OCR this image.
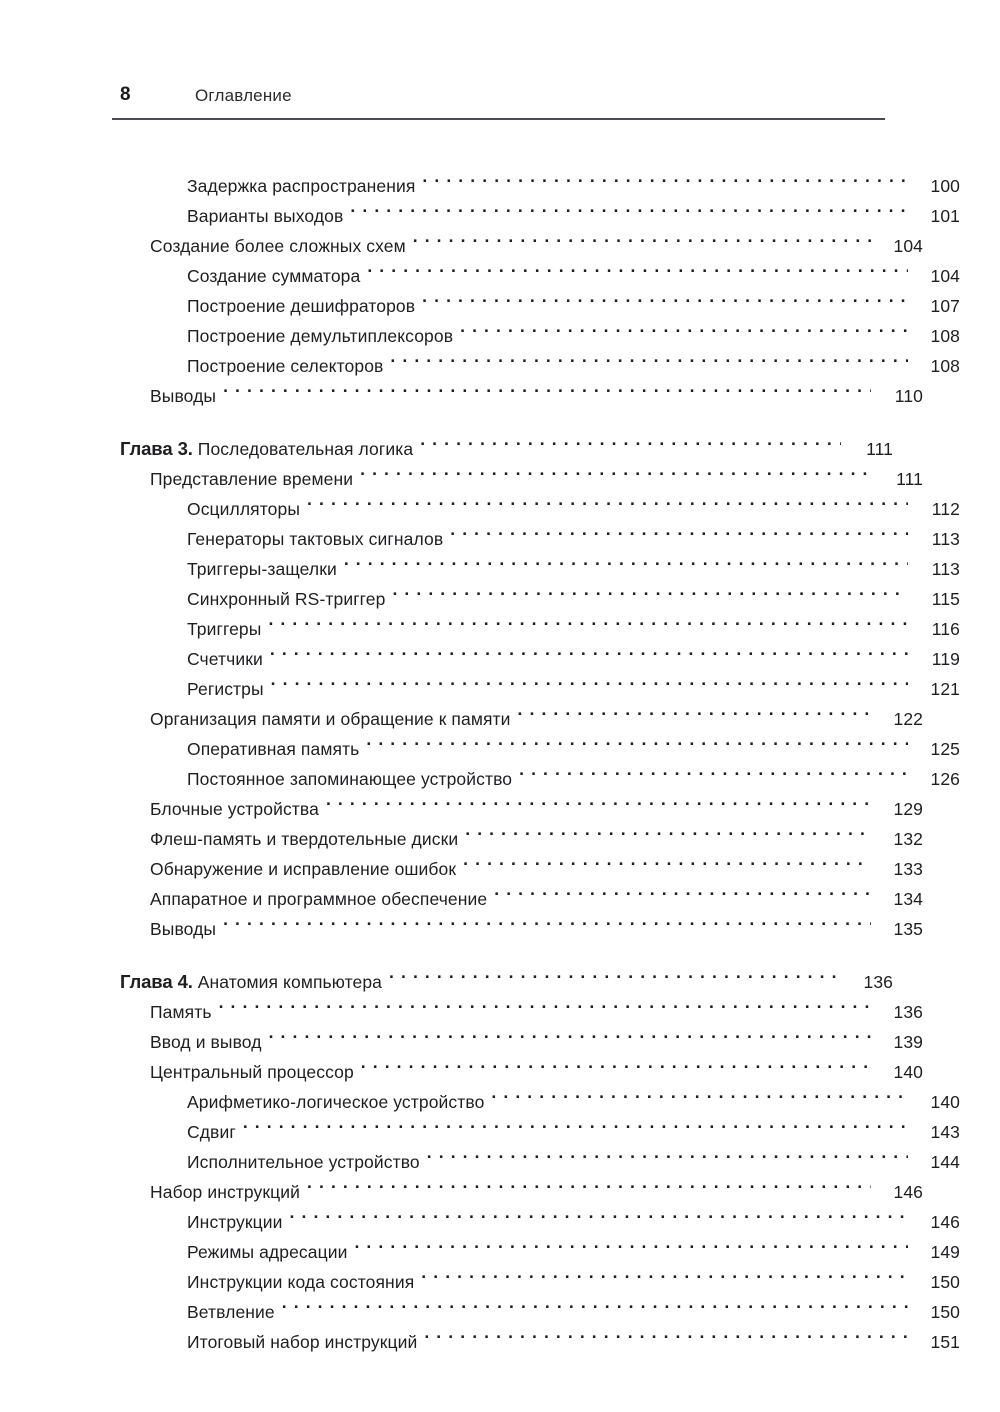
8	Оглавление
Задержка распространения .....	100
Варианты выходов .....	101
Создание более сложных схем .....	104
Создание сумматора .....	104
Построение дешифраторов .....	107
Построение демультиплексоров .....	108
Построение селекторов .....	108
Выводы .....	110
Глава 3. Последовательная логика .....	111
Представление времени .....	111
Осцилляторы .....	112
Генераторы тактовых сигналов .....	113
Триггеры-защелки .....	113
Синхронный RS-триггер .....	115
Триггеры .....	116
Счетчики .....	119
Регистры .....	121
Организация памяти и обращение к памяти .....	122
Оперативная память .....	125
Постоянное запоминающее устройство .....	126
Блочные устройства .....	129
Флеш-память и твердотельные диски .....	132
Обнаружение и исправление ошибок .....	133
Аппаратное и программное обеспечение .....	134
Выводы .....	135
Глава 4. Анатомия компьютера .....	136
Память .....	136
Ввод и вывод .....	139
Центральный процессор .....	140
Арифметико-логическое устройство .....	140
Сдвиг .....	143
Исполнительное устройство .....	144
Набор инструкций .....	146
Инструкции .....	146
Режимы адресации .....	149
Инструкции кода состояния .....	150
Ветвление .....	150
Итоговый набор инструкций .....	151
